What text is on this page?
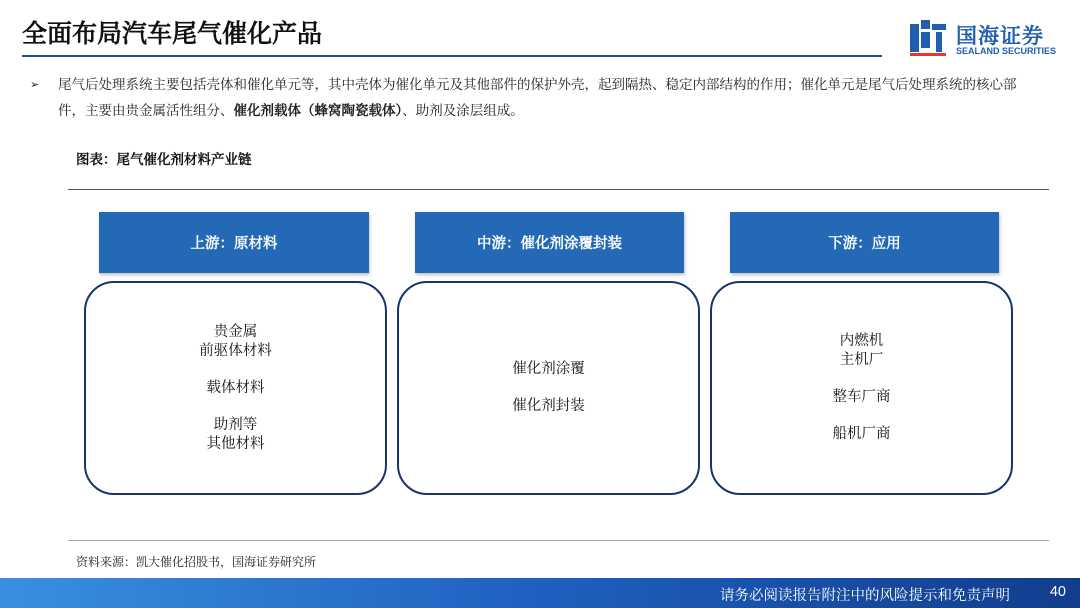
全面布局汽车尾气催化产品	国海证券
SEALAND SECURITIES
➢	尾气后处理系统主要包括壳体和催化单元等，其中壳体为催化单元及其他部件的保护外壳，起到隔热、稳定内部结构的作用；催化单元是尾气后处理系统的核心部件，主要由贵金属活性组分、催化剂载体（蜂窝陶瓷载体）、助剂及涂层组成。
图表：尾气催化剂材料产业链
上游：原材料	中游：催化剂涂覆封装	下游：应用
贵金属
前驱体材料
载体材料
助剂等
其他材料
催化剂涂覆
催化剂封装
内燃机
主机厂
整车厂商
船机厂商
资料来源：凯大催化招股书，国海证券研究所
请务必阅读报告附注中的风险提示和免责声明	40
